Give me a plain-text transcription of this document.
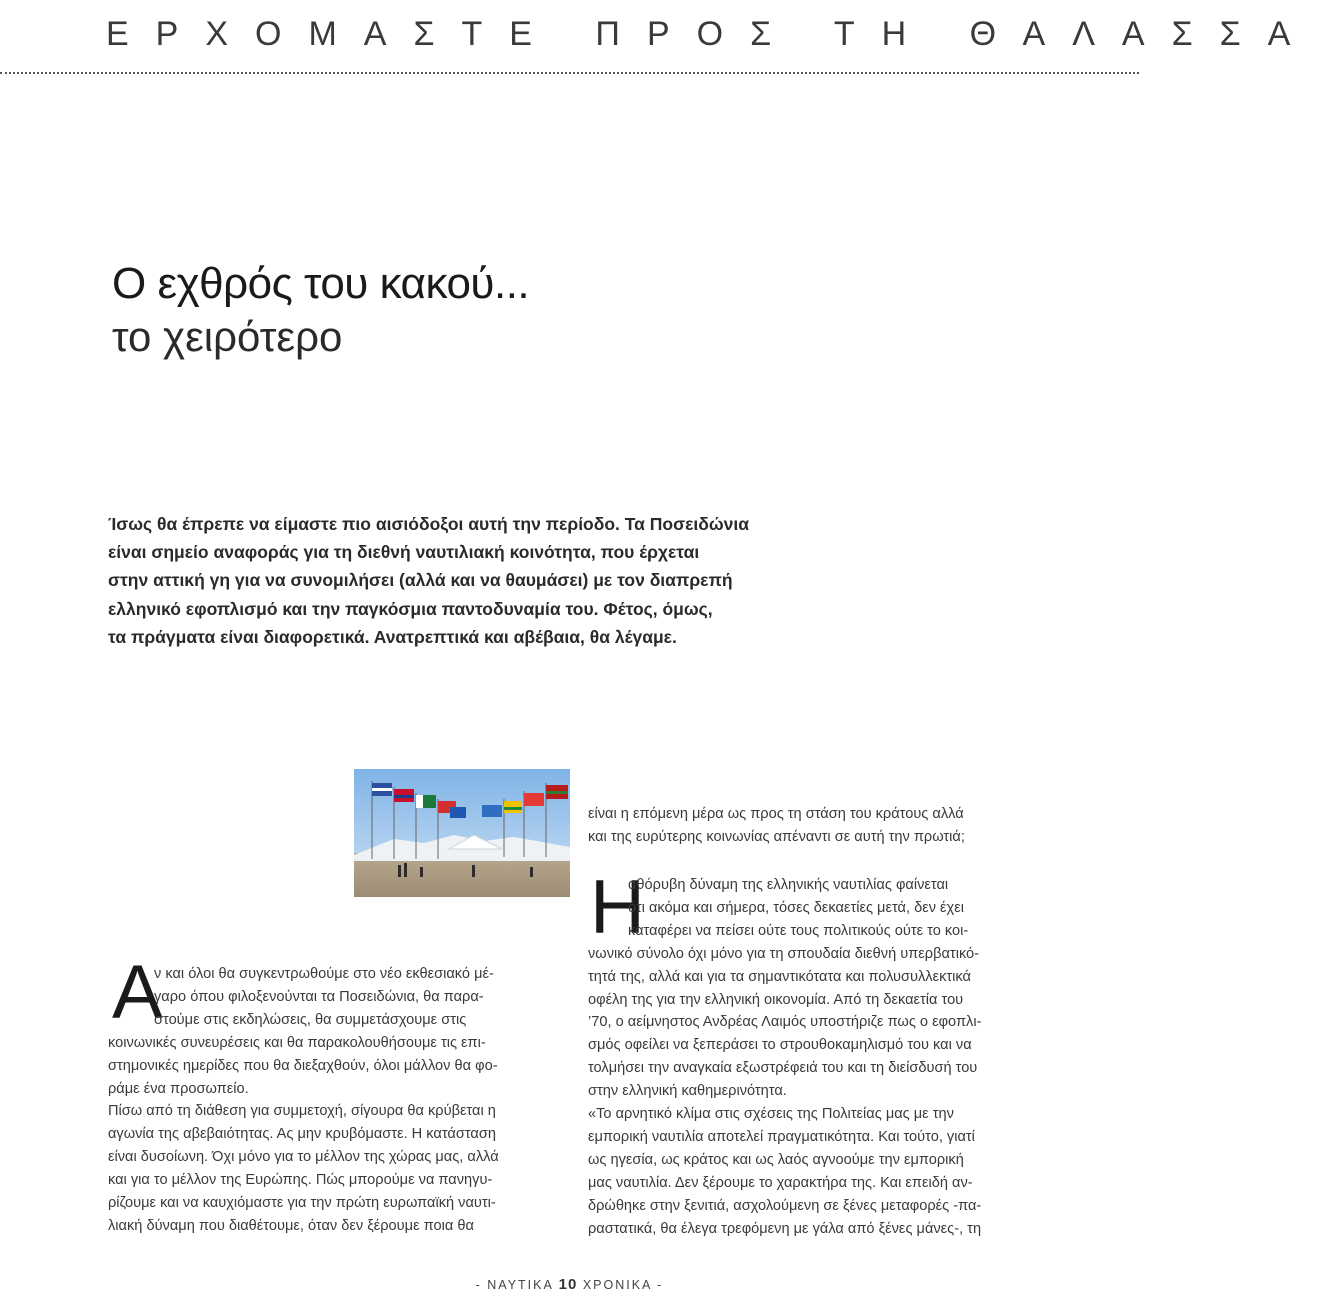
ΕΡΧΟΜΑΣΤΕ ΠΡΟΣ ΤΗ ΘΑΛΑΣΣΑ
Ο εχθρός του κακού...
το χειρότερο
Ίσως θα έπρεπε να είμαστε πιο αισιόδοξοι αυτή την περίοδο. Τα Ποσειδώνια
είναι σημείο αναφοράς για τη διεθνή ναυτιλιακή κοινότητα, που έρχεται
στην αττική γη για να συνομιλήσει (αλλά και να θαυμάσει) με τον διαπρεπή
ελληνικό εφοπλισμό και την παγκόσμια παντοδυναμία του. Φέτος, όμως,
τα πράγματα είναι διαφορετικά. Ανατρεπτικά και αβέβαια, θα λέγαμε.
Α
ν και όλοι θα συγκεντρωθούμε στο νέο εκθεσιακό μέ-
γαρο όπου φιλοξενούνται τα Ποσειδώνια, θα παρα-
στούμε στις εκδηλώσεις, θα συμμετάσχουμε στις
κοινωνικές συνευρέσεις και θα παρακολουθήσουμε τις επι-
στημονικές ημερίδες που θα διεξαχθούν, όλοι μάλλον θα φο-
ράμε ένα προσωπείο.
Πίσω από τη διάθεση για συμμετοχή, σίγουρα θα κρύβεται η
αγωνία της αβεβαιότητας. Ας μην κρυβόμαστε. Η κατάσταση
είναι δυσοίωνη. Όχι μόνο για το μέλλον της χώρας μας, αλλά
και για το μέλλον της Ευρώπης. Πώς μπορούμε να πανηγυ-
ρίζουμε και να καυχιόμαστε για την πρώτη ευρωπαϊκή ναυτι-
λιακή δύναμη που διαθέτουμε, όταν δεν ξέρουμε ποια θα
είναι η επόμενη μέρα ως προς τη στάση του κράτους αλλά
και της ευρύτερης κοινωνίας απέναντι σε αυτή την πρωτιά;
Η
αθόρυβη δύναμη της ελληνικής ναυτιλίας φαίνεται
ότι ακόμα και σήμερα, τόσες δεκαετίες μετά, δεν έχει
καταφέρει να πείσει ούτε τους πολιτικούς ούτε το κοι-
νωνικό σύνολο όχι μόνο για τη σπουδαία διεθνή υπερβατικό-
τητά της, αλλά και για τα σημαντικότατα και πολυσυλλεκτικά
οφέλη της για την ελληνική οικονομία. Από τη δεκαετία του
’70, ο αείμνηστος Ανδρέας Λαιμός υποστήριζε πως ο εφοπλι-
σμός οφείλει να ξεπεράσει το στρουθοκαμηλισμό του και να
τολμήσει την αναγκαία εξωστρέφειά του και τη διείσδυσή του
στην ελληνική καθημερινότητα.
«Το αρνητικό κλίμα στις σχέσεις της Πολιτείας μας με την
εμπορική ναυτιλία αποτελεί πραγματικότητα. Και τούτο, γιατί
ως ηγεσία, ως κράτος και ως λαός αγνοούμε την εμπορική
μας ναυτιλία. Δεν ξέρουμε το χαρακτήρα της. Και επειδή αν-
δρώθηκε στην ξενιτιά, ασχολούμενη σε ξένες μεταφορές -πα-
ραστατικά, θα έλεγα τρεφόμενη με γάλα από ξένες μάνες-, τη
- ΝΑΥΤΙΚΑ 10 ΧΡΟΝΙΚΑ -
